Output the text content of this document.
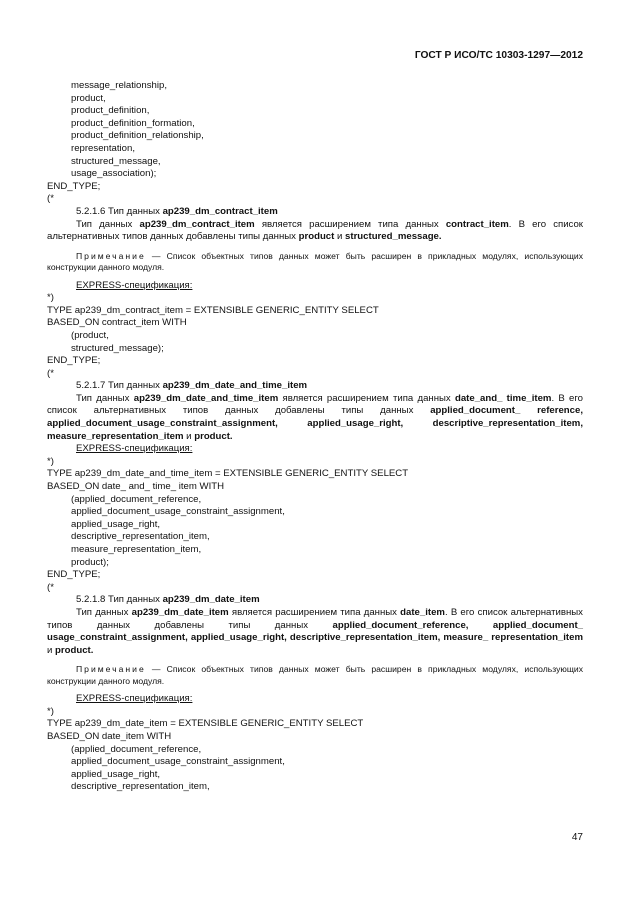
ГОСТ Р ИСО/ТС 10303-1297—2012
message_relationship,
product,
product_definition,
product_definition_formation,
product_definition_relationship,
representation,
structured_message,
usage_association);
END_TYPE;
(*
5.2.1.6 Тип данных ap239_dm_contract_item

Тип данных ap239_dm_contract_item является расширением типа данных contract_item. В его список альтернативных типов данных добавлены типы данных product и structured_message.

Примечание — Список объектных типов данных может быть расширен в прикладных модулях, использующих конструкции данного модуля.

EXPRESS-спецификация:
*)
TYPE ap239_dm_contract_item = EXTENSIBLE GENERIC_ENTITY SELECT
BASED_ON contract_item WITH
(product,
structured_message);
END_TYPE;
(*
5.2.1.7 Тип данных ap239_dm_date_and_time_item

Тип данных ap239_dm_date_and_time_item является расширением типа данных date_and_ time_item. В его список альтернативных типов данных добавлены типы данных applied_document_ reference, applied_document_usage_constraint_assignment, applied_usage_right, descriptive_representation_item, measure_representation_item и product.

EXPRESS-спецификация:
*)
TYPE ap239_dm_date_and_time_item = EXTENSIBLE GENERIC_ENTITY SELECT
BASED_ON date_ and_ time_ item WITH
(applied_document_reference,
applied_document_usage_constraint_assignment,
applied_usage_right,
descriptive_representation_item,
measure_representation_item,
product);
END_TYPE;
(*
5.2.1.8 Тип данных ap239_dm_date_item

Тип данных ap239_dm_date_item является расширением типа данных date_item. В его список альтернативных типов данных добавлены типы данных applied_document_reference, applied_document_ usage_constraint_assignment, applied_usage_right, descriptive_representation_item, measure_ representation_item и product.

Примечание — Список объектных типов данных может быть расширен в прикладных модулях, использующих конструкции данного модуля.

EXPRESS-спецификация:
*)
TYPE ap239_dm_date_item = EXTENSIBLE GENERIC_ENTITY SELECT
BASED_ON date_item WITH
(applied_document_reference,
applied_document_usage_constraint_assignment,
applied_usage_right,
descriptive_representation_item,
47
